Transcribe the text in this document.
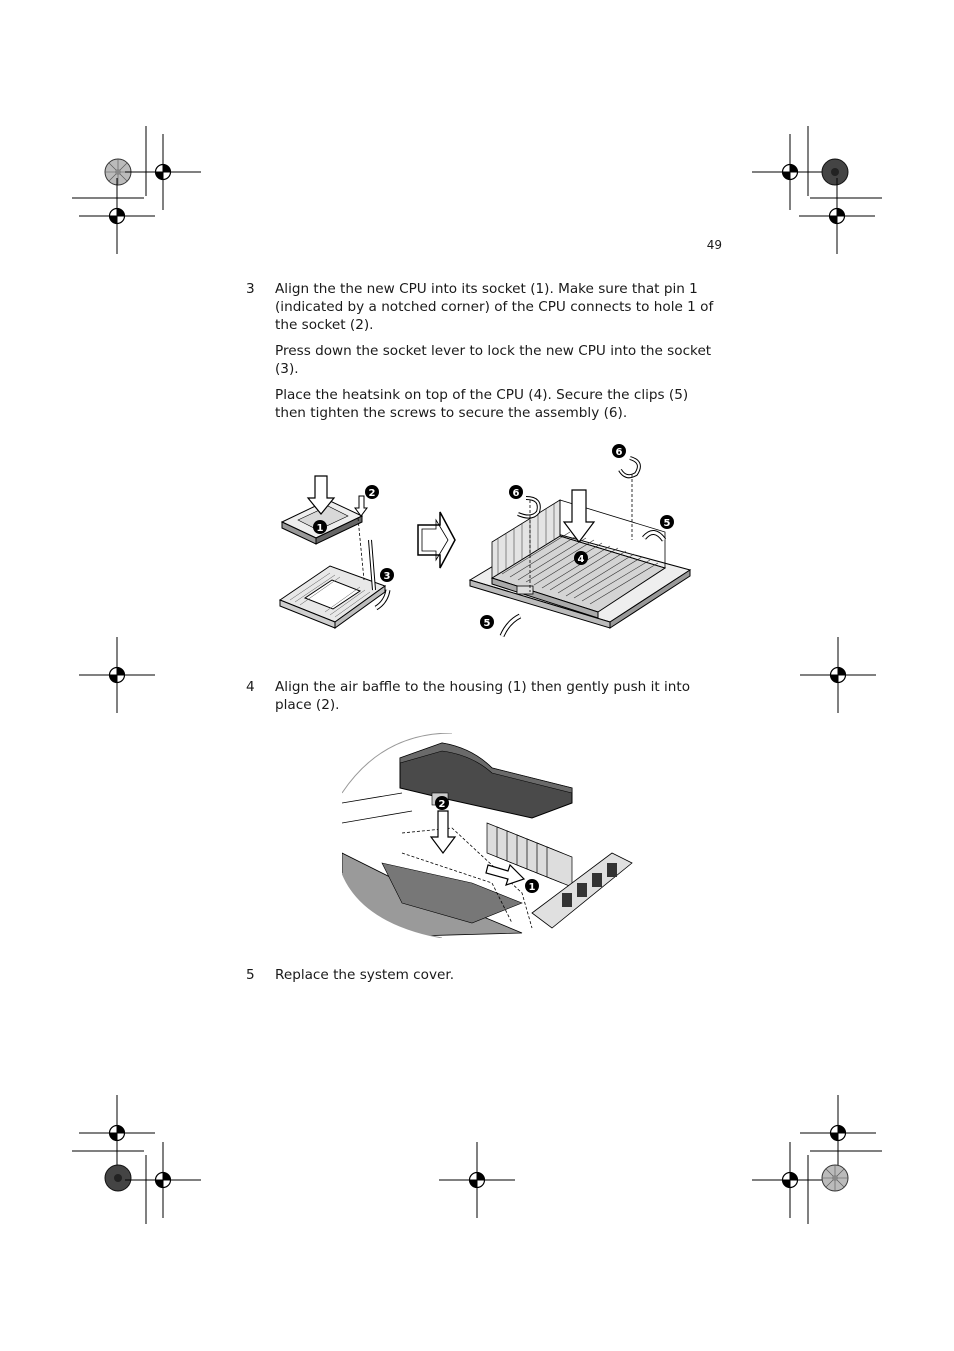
49
3	Align the the new CPU into its socket (1). Make sure that pin 1 (indicated by a notched corner) of the CPU connects to hole 1 of the socket (2).

Press down the socket lever to lock the new CPU into the socket (3).

Place the heatsink on top of the CPU (4). Secure the clips (5) then tighten the screws to secure the assembly (6).

1
2
3
4
5
5
6
6
4	Align the air baffle to the housing (1) then gently push it into place (2).

2
1
5	Replace the system cover.
